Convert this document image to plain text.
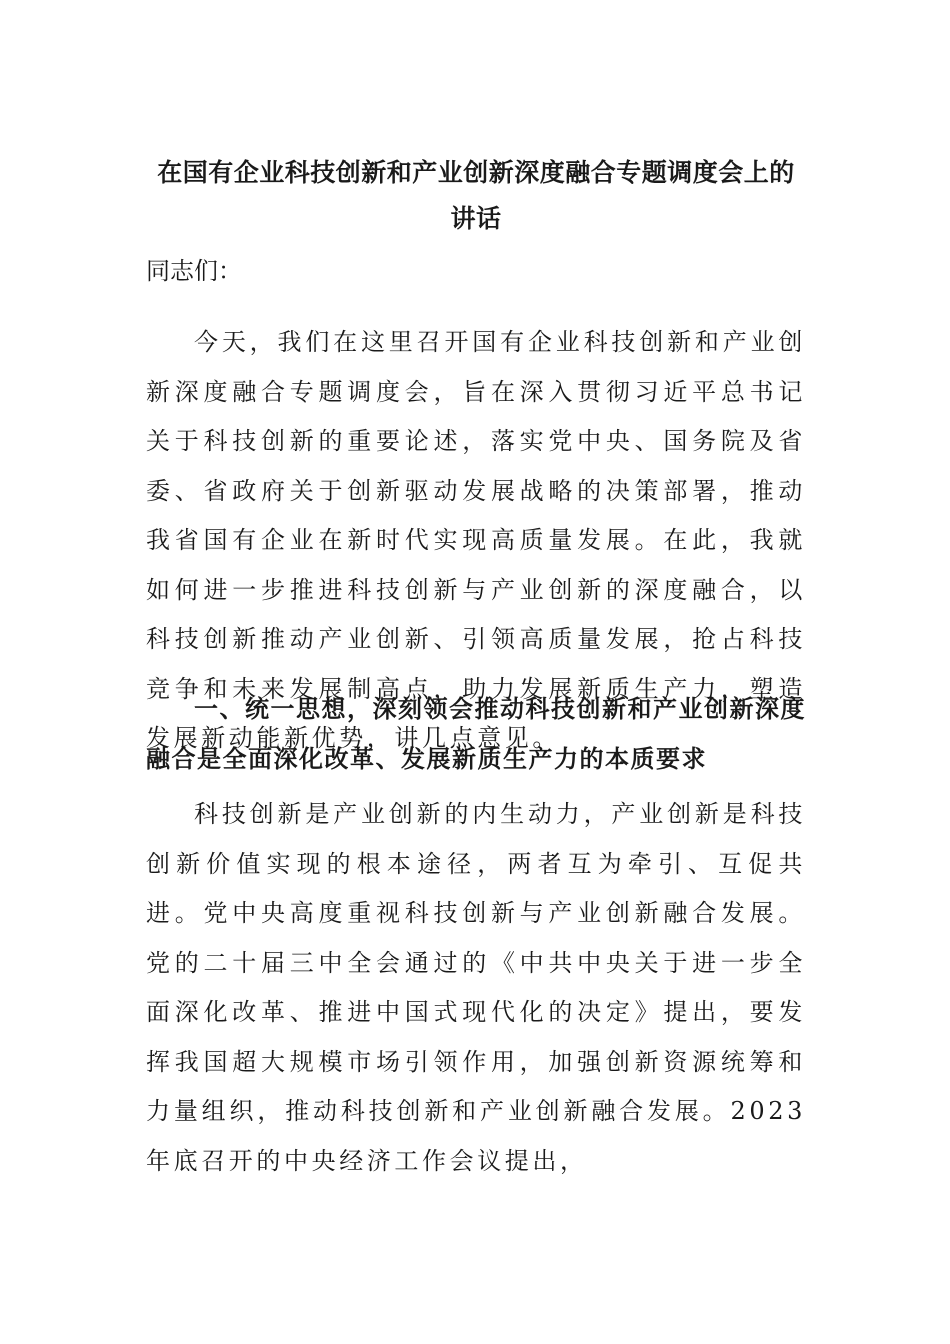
在国有企业科技创新和产业创新深度融合专题调度会上的
讲话

同志们：

今天，我们在这里召开国有企业科技创新和产业创新深度融合专题调度会，旨在深入贯彻习近平总书记关于科技创新的重要论述，落实党中央、国务院及省委、省政府关于创新驱动发展战略的决策部署，推动我省国有企业在新时代实现高质量发展。在此，我就如何进一步推进科技创新与产业创新的深度融合，以科技创新推动产业创新、引领高质量发展，抢占科技竞争和未来发展制高点，助力发展新质生产力，塑造发展新动能新优势，讲几点意见。

一、统一思想，深刻领会推动科技创新和产业创新深度融合是全面深化改革、发展新质生产力的本质要求

科技创新是产业创新的内生动力，产业创新是科技创新价值实现的根本途径，两者互为牵引、互促共进。党中央高度重视科技创新与产业创新融合发展。党的二十届三中全会通过的《中共中央关于进一步全面深化改革、推进中国式现代化的决定》提出，要发挥我国超大规模市场引领作用，加强创新资源统筹和力量组织，推动科技创新和产业创新融合发展。2023 年底召开的中央经济工作会议提出，
